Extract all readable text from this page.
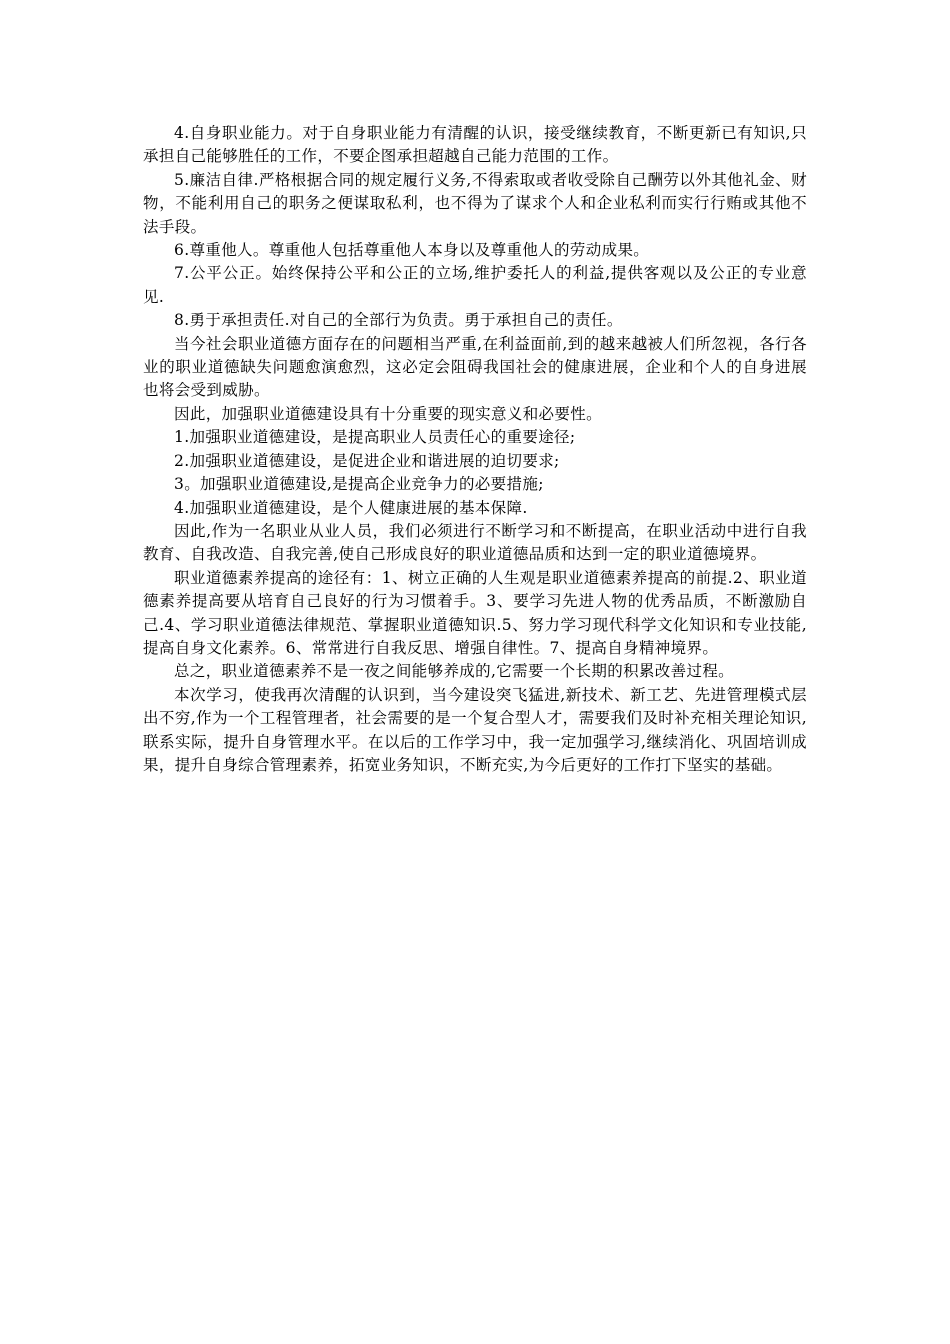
4.自身职业能力。对于自身职业能力有清醒的认识，接受继续教育，不断更新已有知识,只承担自己能够胜任的工作，不要企图承担超越自己能力范围的工作。

5.廉洁自律.严格根据合同的规定履行义务,不得索取或者收受除自己酬劳以外其他礼金、财物，不能利用自己的职务之便谋取私利，也不得为了谋求个人和企业私利而实行行贿或其他不法手段。

6.尊重他人。尊重他人包括尊重他人本身以及尊重他人的劳动成果。

7.公平公正。始终保持公平和公正的立场,维护委托人的利益,提供客观以及公正的专业意见.

8.勇于承担责任.对自己的全部行为负责。勇于承担自己的责任。

当今社会职业道德方面存在的问题相当严重,在利益面前,到的越来越被人们所忽视，各行各业的职业道德缺失问题愈演愈烈，这必定会阻碍我国社会的健康进展，企业和个人的自身进展也将会受到威胁。

因此，加强职业道德建设具有十分重要的现实意义和必要性。

1.加强职业道德建设，是提高职业人员责任心的重要途径;

2.加强职业道德建设，是促进企业和谐进展的迫切要求;

3。加强职业道德建设,是提高企业竞争力的必要措施;

4.加强职业道德建设，是个人健康进展的基本保障.

因此,作为一名职业从业人员，我们必须进行不断学习和不断提高，在职业活动中进行自我教育、自我改造、自我完善,使自己形成良好的职业道德品质和达到一定的职业道德境界。

职业道德素养提高的途径有：1、树立正确的人生观是职业道德素养提高的前提.2、职业道德素养提高要从培育自己良好的行为习惯着手。3、要学习先进人物的优秀品质，不断激励自己.4、学习职业道德法律规范、掌握职业道德知识.5、努力学习现代科学文化知识和专业技能,提高自身文化素养。6、常常进行自我反思、增强自律性。7、提高自身精神境界。

总之，职业道德素养不是一夜之间能够养成的,它需要一个长期的积累改善过程。

本次学习，使我再次清醒的认识到，当今建设突飞猛进,新技术、新工艺、先进管理模式层出不穷,作为一个工程管理者，社会需要的是一个复合型人才，需要我们及时补充相关理论知识,联系实际，提升自身管理水平。在以后的工作学习中，我一定加强学习,继续消化、巩固培训成果，提升自身综合管理素养，拓宽业务知识，不断充实,为今后更好的工作打下坚实的基础。
